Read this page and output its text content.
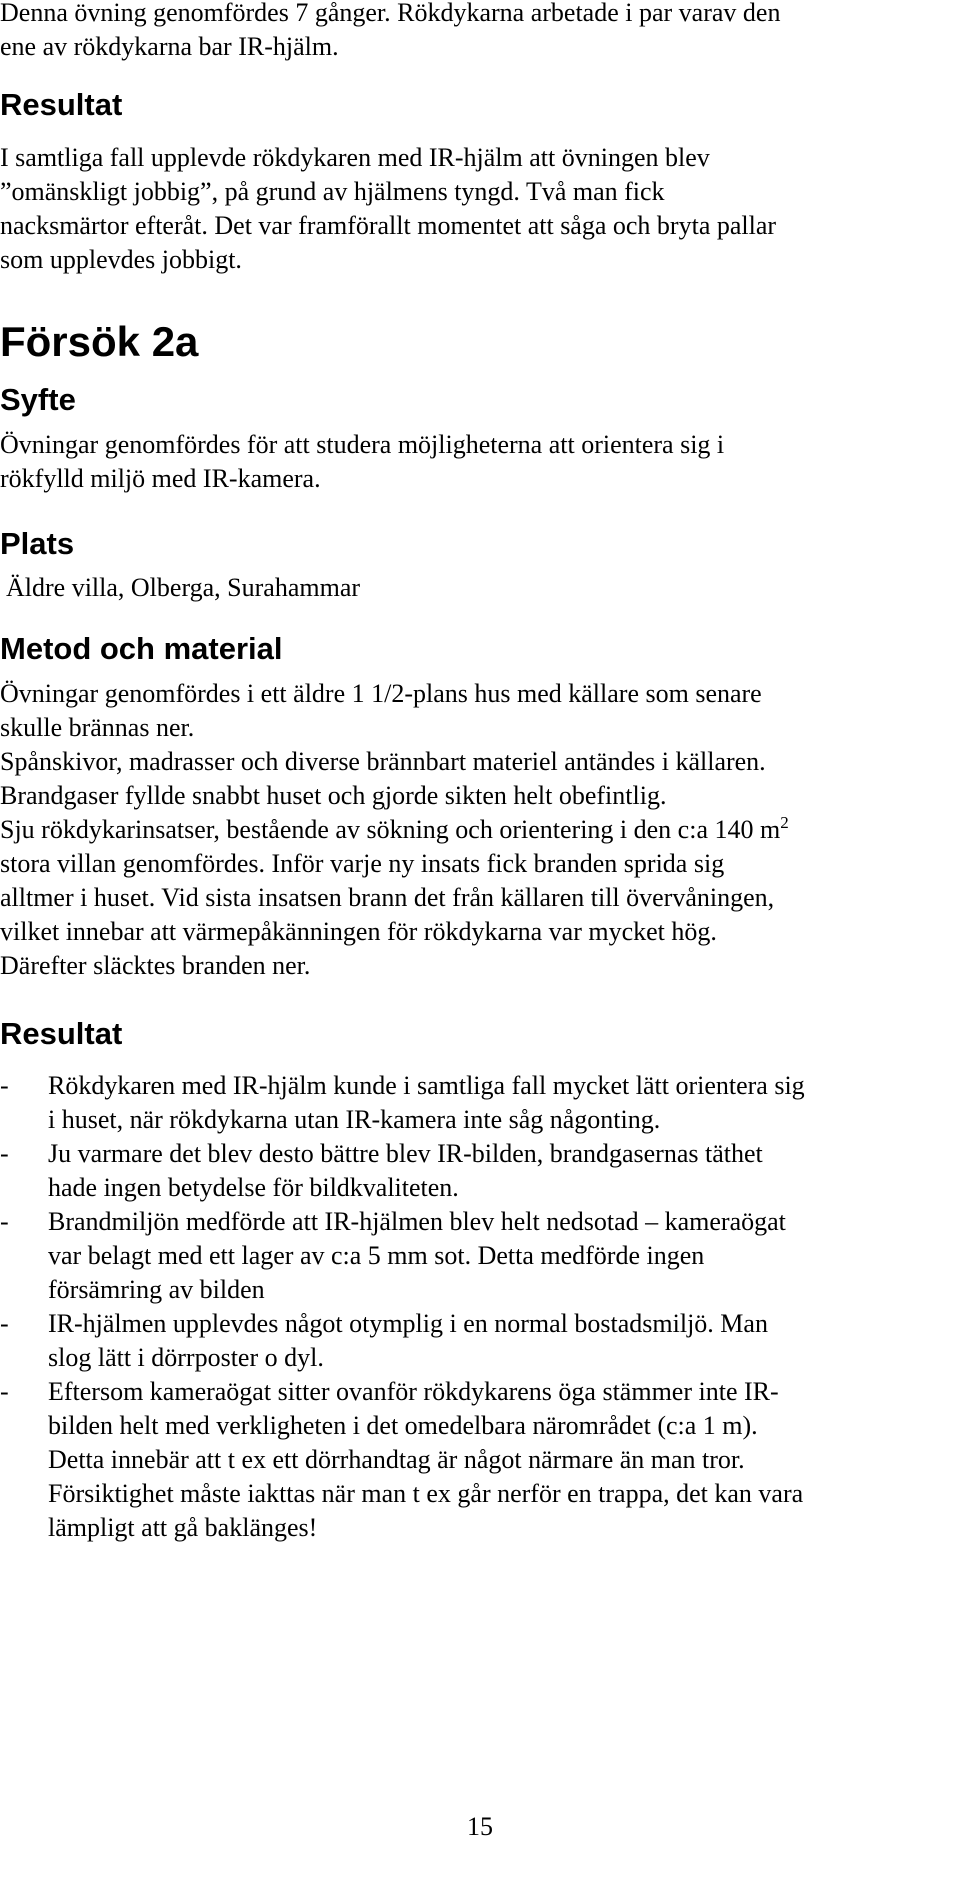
Denna övning genomfördes 7 gånger. Rökdykarna arbetade i par varav den
ene av rökdykarna bar IR-hjälm.

Resultat

I samtliga fall upplevde rökdykaren med IR-hjälm att övningen blev
”omänskligt jobbig”, på grund av hjälmens tyngd. Två man fick
nacksmärtor efteråt. Det var framförallt momentet att såga och bryta pallar
som upplevdes jobbigt.

Försök 2a
Syfte

Övningar genomfördes för att studera möjligheterna att orientera sig i
rökfylld miljö med IR-kamera.

Plats

Äldre villa, Olberga, Surahammar

Metod och material

Övningar genomfördes i ett äldre 1 1/2-plans hus med källare som senare
skulle brännas ner.
Spånskivor, madrasser och diverse brännbart materiel antändes i källaren.
Brandgaser fyllde snabbt huset och gjorde sikten helt obefintlig.
Sju rökdykarinsatser, bestående av sökning och orientering i den c:a 140 $m^2$
stora villan genomfördes. Inför varje ny insats fick branden sprida sig
alltmer i huset. Vid sista insatsen brann det från källaren till övervåningen,
vilket innebar att värmepåkänningen för rökdykarna var mycket hög.
Därefter släcktes branden ner.

Resultat
- Rökdykaren med IR-hjälm kunde i samtliga fall mycket lätt orientera sig
i huset, när rökdykarna utan IR-kamera inte såg någonting.
- Ju varmare det blev desto bättre blev IR-bilden, brandgasernas täthet
hade ingen betydelse för bildkvaliteten.
- Brandmiljön medförde att IR-hjälmen blev helt nedsotad – kameraögat
var belagt med ett lager av c:a 5 mm sot. Detta medförde ingen
försämring av bilden
- IR-hjälmen upplevdes något otymplig i en normal bostadsmiljö. Man
slog lätt i dörrposter o dyl.
- Eftersom kameraögat sitter ovanför rökdykarens öga stämmer inte IR-
bilden helt med verkligheten i det omedelbara närområdet (c:a 1 m).
Detta innebär att t ex ett dörrhandtag är något närmare än man tror.
Försiktighet måste iakttas när man t ex går nerför en trappa, det kan vara
lämpligt att gå baklänges!
15
